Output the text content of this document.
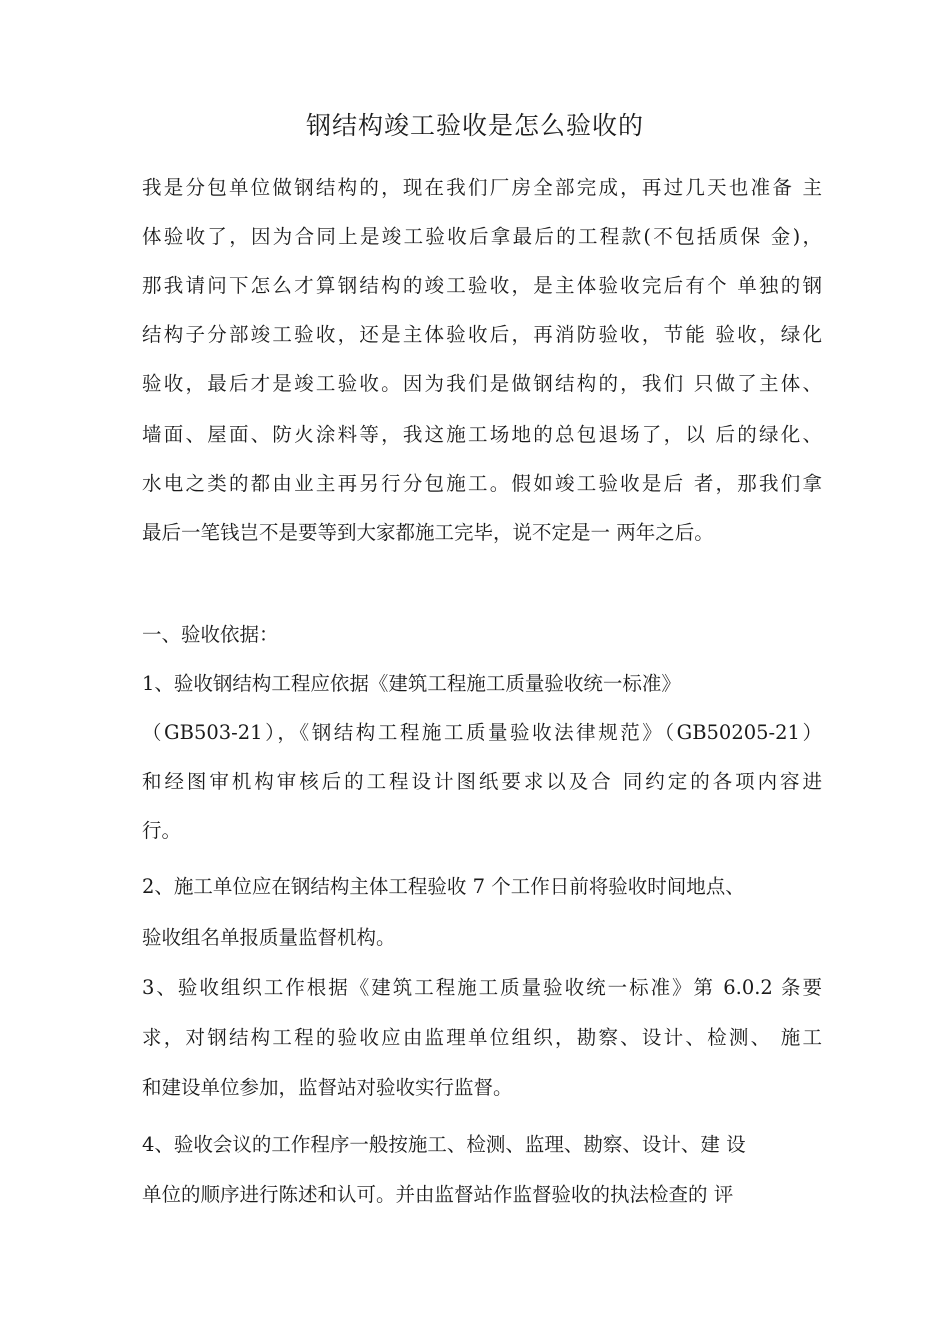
钢结构竣工验收是怎么验收的
我是分包单位做钢结构的，现在我们厂房全部完成，再过几天也准备 主
体验收了，因为合同上是竣工验收后拿最后的工程款(不包括质保 金)，
那我请问下怎么才算钢结构的竣工验收，是主体验收完后有个 单独的钢
结构子分部竣工验收，还是主体验收后，再消防验收，节能 验收，绿化
验收，最后才是竣工验收。因为我们是做钢结构的，我们 只做了主体、
墙面、屋面、防火涂料等，我这施工场地的总包退场了，以 后的绿化、
水电之类的都由业主再另行分包施工。假如竣工验收是后 者，那我们拿
最后一笔钱岂不是要等到大家都施工完毕，说不定是一 两年之后。
一、验收依据：
1、验收钢结构工程应依据《建筑工程施工质量验收统一标准》
（GB503-21），《钢结构工程施工质量验收法律规范》（GB50205-21）
和经图审机构审核后的工程设计图纸要求以及合 同约定的各项内容进
行。
2、施工单位应在钢结构主体工程验收 7 个工作日前将验收时间地点、
验收组名单报质量监督机构。
3、验收组织工作根据《建筑工程施工质量验收统一标准》第 6.0.2 条要
求，对钢结构工程的验收应由监理单位组织，勘察、设计、检测、 施工
和建设单位参加，监督站对验收实行监督。
4、验收会议的工作程序一般按施工、检测、监理、勘察、设计、建 设
单位的顺序进行陈述和认可。并由监督站作监督验收的执法检查的 评
